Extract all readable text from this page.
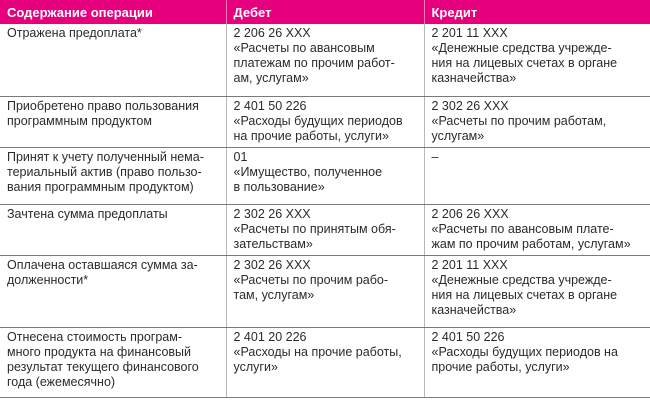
Содержание операции	Дебет	Кредит

Отражена предоплата*	2 206 26 ХХХ
«Расчеты по авансовым
платежам по прочим работ-
ам, услугам»	2 201 11 ХХХ
«Денежные средства учрежде-
ния на лицевых счетах в органе
казначейства»

Приобретено право пользования
программным продуктом	2 401 50 226
«Расходы будущих периодов
на прочие работы, услуги»	2 302 26 ХХХ
«Расчеты по прочим работам,
услугам»

Принят к учету полученный нема-
териальный актив (право пользо-
вания программным продуктом)	01
«Имущество, полученное
в пользование»	–

Зачтена сумма предоплаты	2 302 26 ХХХ
«Расчеты по принятым обя-
зательствам»	2 206 26 ХХХ
«Расчеты по авансовым плате-
жам по прочим работам, услугам»

Оплачена оставшаяся сумма за-
долженности*	2 302 26 ХХХ
«Расчеты по прочим рабо-
там, услугам»	2 201 11 ХХХ
«Денежные средства учрежде-
ния на лицевых счетах в органе
казначейства»

Отнесена стоимость програм-
много продукта на финансовый
результат текущего финансового
года (ежемесячно)	2 401 20 226
«Расходы на прочие работы,
услуги»	2 401 50 226
«Расходы будущих периодов на
прочие работы, услуги»
